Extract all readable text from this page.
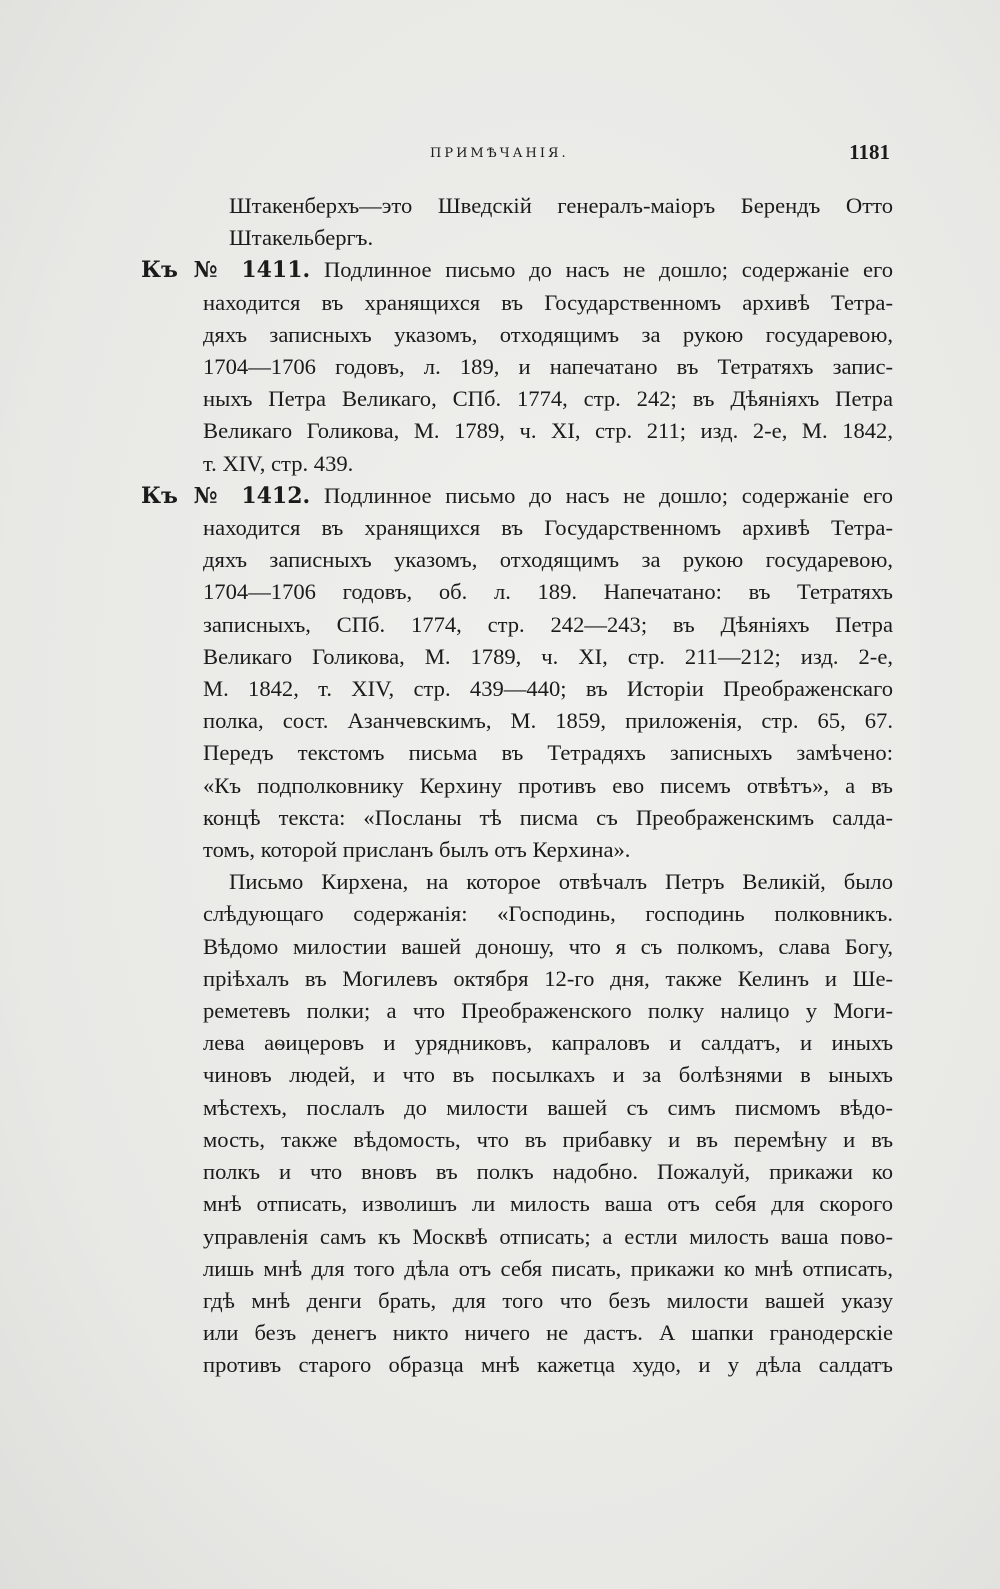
ПРИМѢЧАНІЯ.	1181
Штакенберхъ—это Шведскій генералъ-маіоръ Берендъ Отто
Штакельбергъ.
Къ № 1411. Подлинное письмо до насъ не дошло; содержаніе его
находится въ хранящихся въ Государственномъ архивѣ Тетра-
дяхъ записныхъ указомъ, отходящимъ за рукою государевою,
1704—1706 годовъ, л. 189, и напечатано въ Тетратяхъ запис-
ныхъ Петра Великаго, СПб. 1774, стр. 242; въ Дѣяніяхъ Петра
Великаго Голикова, М. 1789, ч. XI, стр. 211; изд. 2-е, М. 1842,
т. XIV, стр. 439.
Къ № 1412. Подлинное письмо до насъ не дошло; содержаніе его
находится въ хранящихся въ Государственномъ архивѣ Тетра-
дяхъ записныхъ указомъ, отходящимъ за рукою государевою,
1704—1706 годовъ, об. л. 189. Напечатано: въ Тетратяхъ
записныхъ, СПб. 1774, стр. 242—243; въ Дѣяніяхъ Петра
Великаго Голикова, М. 1789, ч. XI, стр. 211—212; изд. 2-е,
М. 1842, т. XIV, стр. 439—440; въ Исторіи Преображенскаго
полка, сост. Азанчевскимъ, М. 1859, приложенія, стр. 65, 67.
Передъ текстомъ письма въ Тетрадяхъ записныхъ замѣчено:
«Къ подполковнику Керхину противъ ево писемъ отвѣтъ», а въ
концѣ текста: «Посланы тѣ писма съ Преображенскимъ салда-
томъ, которой присланъ былъ отъ Керхина».
Письмо Кирхена, на которое отвѣчалъ Петръ Великій, было
слѣдующаго содержанія: «Господинь, господинь полковникъ.
Вѣдомо милостии вашей доношу, что я съ полкомъ, слава Богу,
пріѣхалъ въ Могилевъ октября 12-го дня, также Келинъ и Ше-
реметевъ полки; а что Преображенского полку налицо у Моги-
лева аѳицеровъ и урядниковъ, капраловъ и салдатъ, и иныхъ
чиновъ людей, и что въ посылкахъ и за болѣзнями в ыныхъ
мѣстехъ, послалъ до милости вашей съ симъ писмомъ вѣдо-
мость, также вѣдомость, что въ прибавку и въ перемѣну и въ
полкъ и что вновъ въ полкъ надобно. Пожалуй, прикажи ко
мнѣ отписать, изволишъ ли милость ваша отъ себя для скорого
управленія самъ къ Москвѣ отписать; а естли милость ваша пово-
лишь мнѣ для того дѣла отъ себя писать, прикажи ко мнѣ отписать,
гдѣ мнѣ денги брать, для того что безъ милости вашей указу
или безъ денегъ никто ничего не дастъ. А шапки гранодерскіе
противъ старого образца мнѣ кажетца худо, и у дѣла салдатъ
